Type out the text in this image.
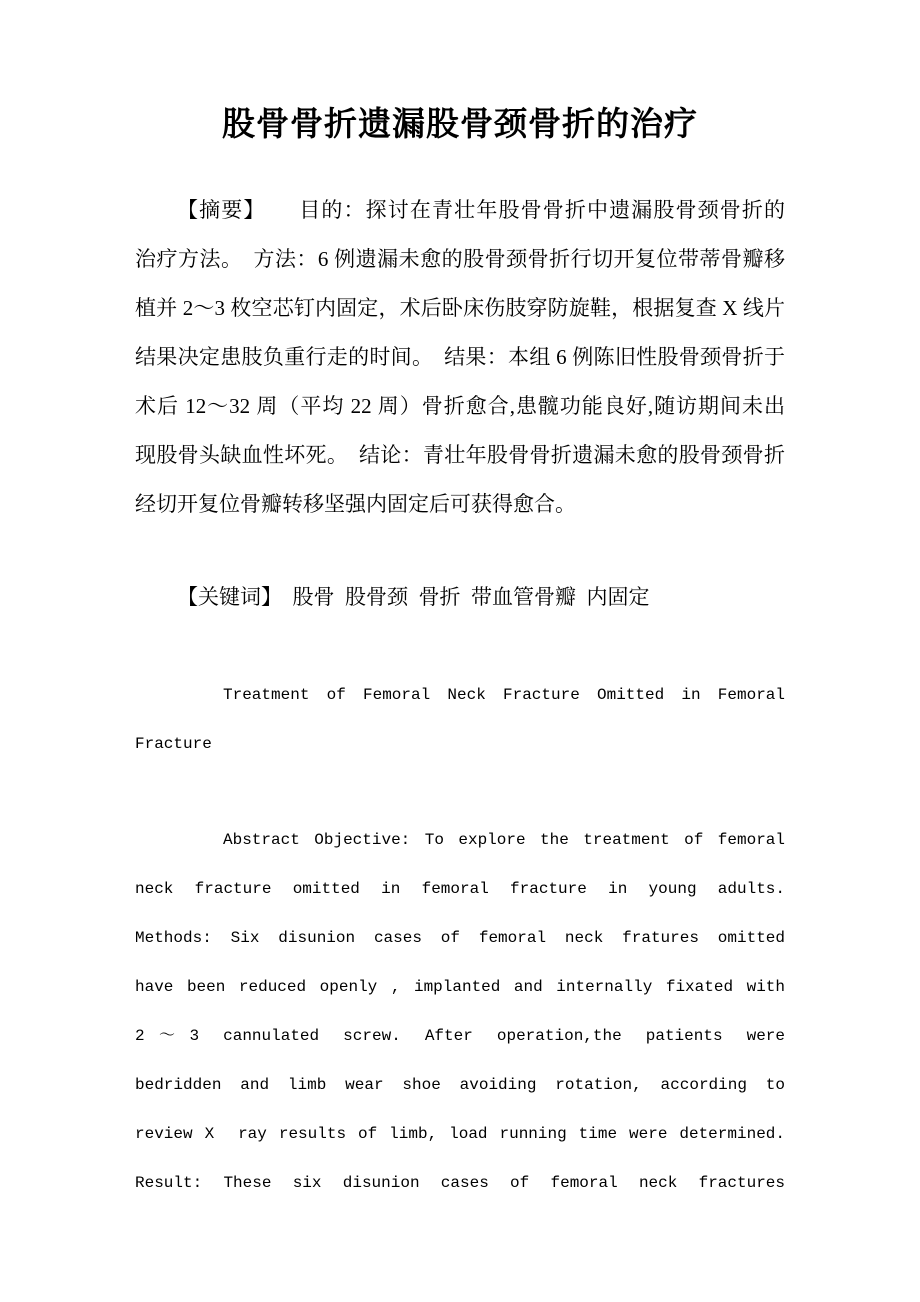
股骨骨折遗漏股骨颈骨折的治疗
【摘要】　　目的：探讨在青壮年股骨骨折中遗漏股骨颈骨折的
治疗方法。　方法：6 例遗漏未愈的股骨颈骨折行切开复位带蒂骨瓣移
植并 2～3 枚空芯钉内固定，术后卧床伤肢穿防旋鞋，根据复查 X 线片
结果决定患肢负重行走的时间。　结果：本组 6 例陈旧性股骨颈骨折于
术后 12～32 周（平均 22 周）骨折愈合,患髋功能良好,随访期间未出
现股骨头缺血性坏死。　结论：青壮年股骨骨折遗漏未愈的股骨颈骨折
经切开复位骨瓣转移坚强内固定后可获得愈合。
【关键词】　股骨 股骨颈 骨折 带血管骨瓣 内固定
Treatment of Femoral Neck Fracture Omitted in Femoral
Fracture
Abstract Objective: To explore the treatment of femoral
neck fracture omitted in femoral fracture in young adults.
Methods: Six disunion cases of femoral neck fratures omitted
have been reduced openly , implanted and internally fixated with
2～3 cannulated screw. After operation,the patients were
bedridden and limb wear shoe avoiding rotation, according to
review X  ray results of limb, load running time were determined.
Result: These six disunion cases of femoral neck fractures
